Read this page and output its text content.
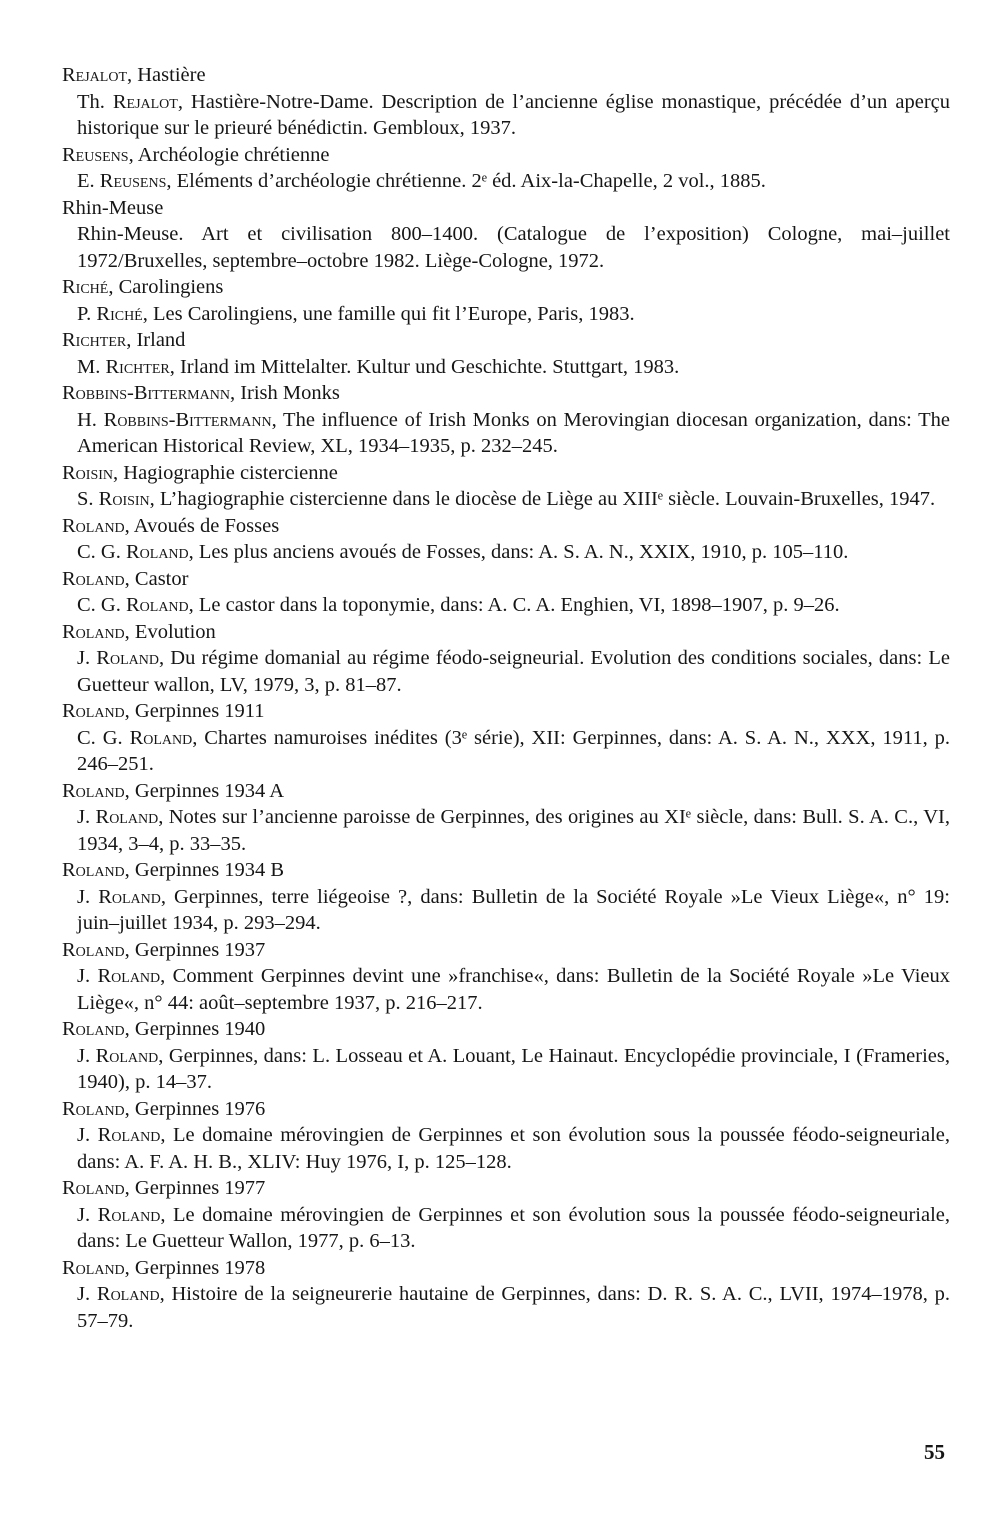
Rejalot, Hastière
Th. Rejalot, Hastière-Notre-Dame. Description de l’ancienne église monastique, précédée d’un aperçu historique sur le prieuré bénédictin. Gembloux, 1937.
Reusens, Archéologie chrétienne
E. Reusens, Eléments d’archéologie chrétienne. 2ᵉ éd. Aix-la-Chapelle, 2 vol., 1885.
Rhin-Meuse
Rhin-Meuse. Art et civilisation 800–1400. (Catalogue de l’exposition) Cologne, mai–juillet 1972/Bruxelles, septembre–octobre 1982. Liège-Cologne, 1972.
Riché, Carolingiens
P. Riché, Les Carolingiens, une famille qui fit l’Europe, Paris, 1983.
Richter, Irland
M. Richter, Irland im Mittelalter. Kultur und Geschichte. Stuttgart, 1983.
Robbins-Bittermann, Irish Monks
H. Robbins-Bittermann, The influence of Irish Monks on Merovingian diocesan organization, dans: The American Historical Review, XL, 1934–1935, p. 232–245.
Roisin, Hagiographie cistercienne
S. Roisin, L’hagiographie cistercienne dans le diocèse de Liège au XIIIᵉ siècle. Louvain-Bruxelles, 1947.
Roland, Avoués de Fosses
C. G. Roland, Les plus anciens avoués de Fosses, dans: A. S. A. N., XXIX, 1910, p. 105–110.
Roland, Castor
C. G. Roland, Le castor dans la toponymie, dans: A. C. A. Enghien, VI, 1898–1907, p. 9–26.
Roland, Evolution
J. Roland, Du régime domanial au régime féodo-seigneurial. Evolution des conditions sociales, dans: Le Guetteur wallon, LV, 1979, 3, p. 81–87.
Roland, Gerpinnes 1911
C. G. Roland, Chartes namuroises inédites (3ᵉ série), XII: Gerpinnes, dans: A. S. A. N., XXX, 1911, p. 246–251.
Roland, Gerpinnes 1934 A
J. Roland, Notes sur l’ancienne paroisse de Gerpinnes, des origines au XIᵉ siècle, dans: Bull. S. A. C., VI, 1934, 3–4, p. 33–35.
Roland, Gerpinnes 1934 B
J. Roland, Gerpinnes, terre liégeoise ?, dans: Bulletin de la Société Royale »Le Vieux Liège«, n° 19: juin–juillet 1934, p. 293–294.
Roland, Gerpinnes 1937
J. Roland, Comment Gerpinnes devint une »franchise«, dans: Bulletin de la Société Royale »Le Vieux Liège«, n° 44: août–septembre 1937, p. 216–217.
Roland, Gerpinnes 1940
J. Roland, Gerpinnes, dans: L. Losseau et A. Louant, Le Hainaut. Encyclopédie provinciale, I (Frameries, 1940), p. 14–37.
Roland, Gerpinnes 1976
J. Roland, Le domaine mérovingien de Gerpinnes et son évolution sous la poussée féodo-seigneuriale, dans: A. F. A. H. B., XLIV: Huy 1976, I, p. 125–128.
Roland, Gerpinnes 1977
J. Roland, Le domaine mérovingien de Gerpinnes et son évolution sous la poussée féodo-seigneuriale, dans: Le Guetteur Wallon, 1977, p. 6–13.
Roland, Gerpinnes 1978
J. Roland, Histoire de la seigneurerie hautaine de Gerpinnes, dans: D. R. S. A. C., LVII, 1974–1978, p. 57–79.
55
